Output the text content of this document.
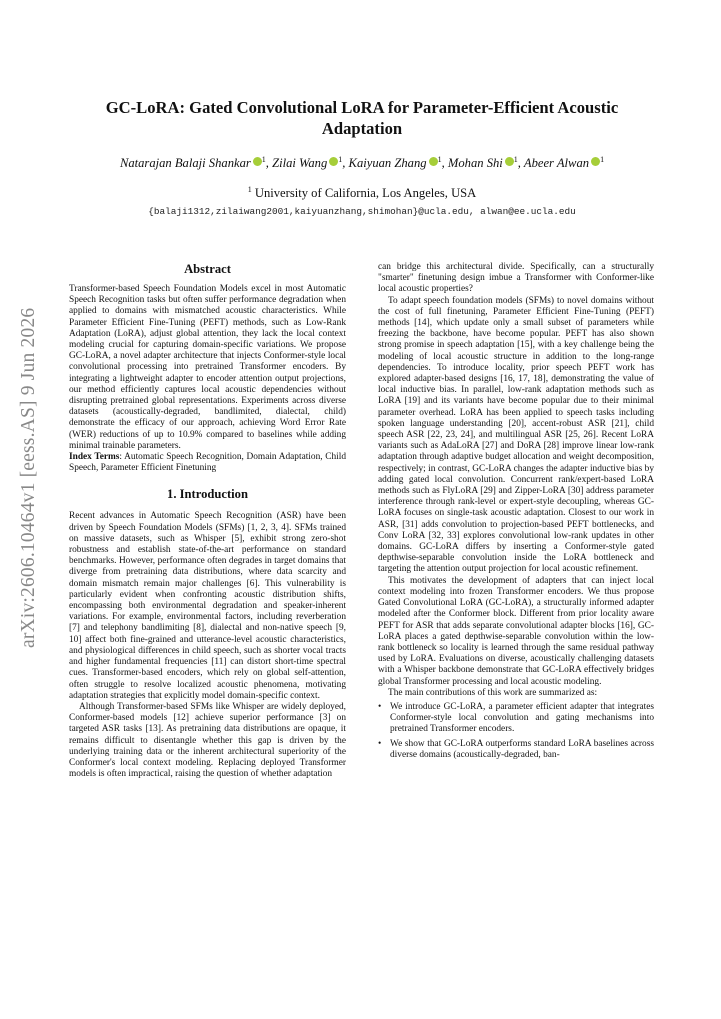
arXiv:2606.10464v1 [eess.AS] 9 Jun 2026
GC-LoRA: Gated Convolutional LoRA for Parameter-Efficient Acoustic Adaptation
Natarajan Balaji Shankar $^1$, Zilai Wang $^1$, Kaiyuan Zhang $^1$, Mohan Shi $^1$, Abeer Alwan $^1$
$^1$ University of California, Los Angeles, USA
{balaji1312,zilaiwang2001,kaiyuanzhang,shimohan}@ucla.edu, alwan@ee.ucla.edu
Abstract

Transformer-based Speech Foundation Models excel in most Automatic Speech Recognition tasks but often suffer performance degradation when applied to domains with mismatched acoustic characteristics. While Parameter Efficient Fine-Tuning (PEFT) methods, such as Low-Rank Adaptation (LoRA), adjust global attention, they lack the local context modeling crucial for capturing domain-specific variations. We propose GC-LoRA, a novel adapter architecture that injects Conformer-style local convolutional processing into pretrained Transformer encoders. By integrating a lightweight adapter to encoder attention output projections, our method efficiently captures local acoustic dependencies without disrupting pretrained global representations. Experiments across diverse datasets (acoustically-degraded, bandlimited, dialectal, child) demonstrate the efficacy of our approach, achieving Word Error Rate (WER) reductions of up to 10.9% compared to baselines while adding minimal trainable parameters.

Index Terms: Automatic Speech Recognition, Domain Adaptation, Child Speech, Parameter Efficient Finetuning

1. Introduction

Recent advances in Automatic Speech Recognition (ASR) have been driven by Speech Foundation Models (SFMs) [1, 2, 3, 4]. SFMs trained on massive datasets, such as Whisper [5], exhibit strong zero-shot robustness and establish state-of-the-art performance on standard benchmarks. However, performance often degrades in target domains that diverge from pretraining data distributions, where data scarcity and domain mismatch remain major challenges [6]. This vulnerability is particularly evident when confronting acoustic distribution shifts, encompassing both environmental degradation and speaker-inherent variations. For example, environmental factors, including reverberation [7] and telephony bandlimiting [8], dialectal and non-native speech [9, 10] affect both fine-grained and utterance-level acoustic characteristics, and physiological differences in child speech, such as shorter vocal tracts and higher fundamental frequencies [11] can distort short-time spectral cues. Transformer-based encoders, which rely on global self-attention, often struggle to resolve localized acoustic phenomena, motivating adaptation strategies that explicitly model domain-specific context.

Although Transformer-based SFMs like Whisper are widely deployed, Conformer-based models [12] achieve superior performance [3] on targeted ASR tasks [13]. As pretraining data distributions are opaque, it remains difficult to disentangle whether this gap is driven by the underlying training data or the inherent architectural superiority of the Conformer's local context modeling. Replacing deployed Transformer models is often impractical, raising the question of whether adaptation

can bridge this architectural divide. Specifically, can a structurally "smarter" finetuning design imbue a Transformer with Conformer-like local acoustic properties?

To adapt speech foundation models (SFMs) to novel domains without the cost of full finetuning, Parameter Efficient Fine-Tuning (PEFT) methods [14], which update only a small subset of parameters while freezing the backbone, have become popular. PEFT has also shown strong promise in speech adaptation [15], with a key challenge being the modeling of local acoustic structure in addition to the long-range dependencies. To introduce locality, prior speech PEFT work has explored adapter-based designs [16, 17, 18], demonstrating the value of local inductive bias. In parallel, low-rank adaptation methods such as LoRA [19] and its variants have become popular due to their minimal parameter overhead. LoRA has been applied to speech tasks including spoken language understanding [20], accent-robust ASR [21], child speech ASR [22, 23, 24], and multilingual ASR [25, 26]. Recent LoRA variants such as AdaLoRA [27] and DoRA [28] improve linear low-rank adaptation through adaptive budget allocation and weight decomposition, respectively; in contrast, GC-LoRA changes the adapter inductive bias by adding gated local convolution. Concurrent rank/expert-based LoRA methods such as FlyLoRA [29] and Zipper-LoRA [30] address parameter interference through rank-level or expert-style decoupling, whereas GC-LoRA focuses on single-task acoustic adaptation. Closest to our work in ASR, [31] adds convolution to projection-based PEFT bottlenecks, and Conv LoRA [32, 33] explores convolutional low-rank updates in other domains. GC-LoRA differs by inserting a Conformer-style gated depthwise-separable convolution inside the LoRA bottleneck and targeting the attention output projection for local acoustic refinement.

This motivates the development of adapters that can inject local context modeling into frozen Transformer encoders. We thus propose Gated Convolutional LoRA (GC-LoRA), a structurally informed adapter modeled after the Conformer block. Different from prior locality aware PEFT for ASR that adds separate convolutional adapter blocks [16], GC-LoRA places a gated depthwise-separable convolution within the low-rank bottleneck so locality is learned through the same residual pathway used by LoRA. Evaluations on diverse, acoustically challenging datasets with a Whisper backbone demonstrate that GC-LoRA effectively bridges global Transformer processing and local acoustic modeling.

The main contributions of this work are summarized as:

• We introduce GC-LoRA, a parameter efficient adapter that integrates Conformer-style local convolution and gating mechanisms into pretrained Transformer encoders.
• We show that GC-LoRA outperforms standard LoRA baselines across diverse domains (acoustically-degraded, ban-
